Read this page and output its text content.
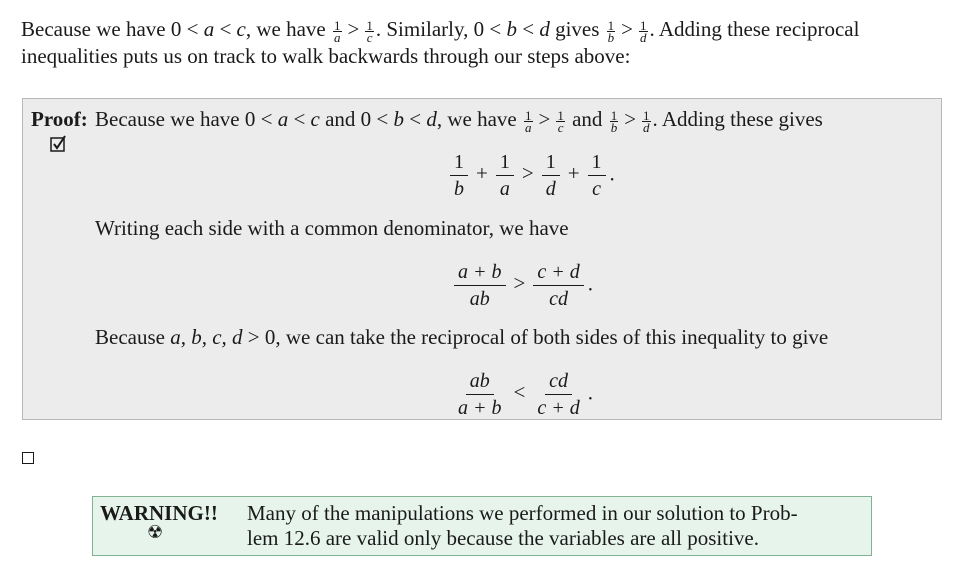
Because we have 0 < a < c, we have $\frac{1}{a} > \frac{1}{c}$ . Similarly, 0 < b < d gives $\frac{1}{b} > \frac{1}{d}$ . Adding these reciprocal
inequalities puts us on track to walk backwards through our steps above:
Proof: Because we have 0 < a < c and 0 < b < d, we have $\frac{1}{a} > \frac{1}{c}$ and $\frac{1}{b} > \frac{1}{d}$ . Adding these gives
$\frac{1}{b} + \frac{1}{a} > \frac{1}{d} + \frac{1}{c}$ .
Writing each side with a common denominator, we have
$\frac{a + b}{ab} > \frac{c + d}{cd}$ .
Because a, b, c, d > 0, we can take the reciprocal of both sides of this inequality to give
$\frac{ab}{a + b} < \frac{cd}{c + d}$ .
WARNING!!
☢
Many of the manipulations we performed in our solution to Prob-
lem 12.6 are valid only because the variables are all positive.
